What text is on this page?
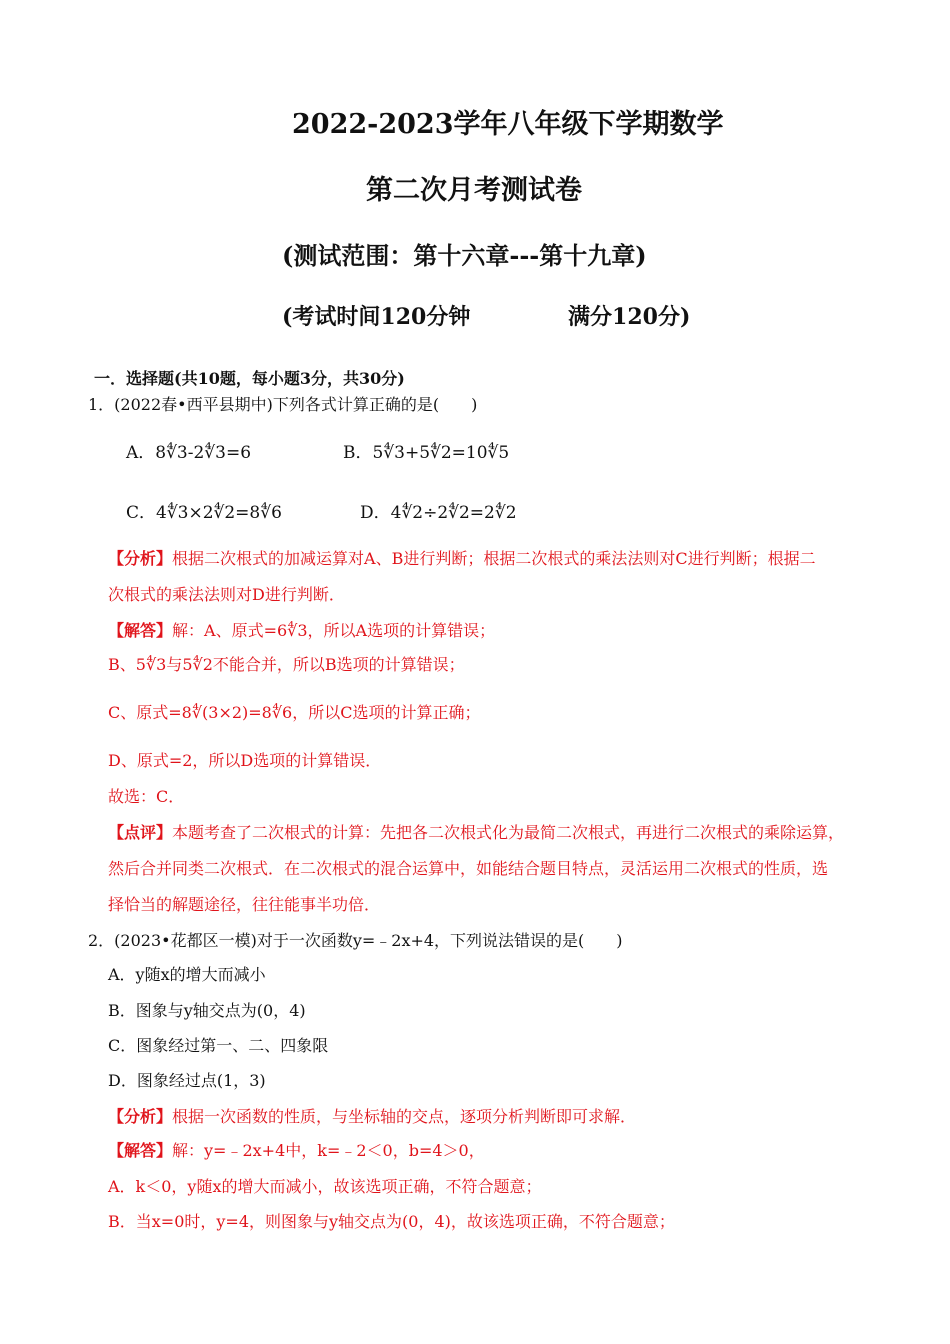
2022-2023学年八年级下学期数学
第二次月考测试卷
(测试范围：第十六章---第十九章)
(考试时间120分钟	满分120分)
一．选择题(共10题，每小题3分，共30分)
1．(2022春•西平县期中)下列各式计算正确的是(　　)
A．8∜3-2∜3=6	B．5∜3+5∜2=10∜5
C．4∜3×2∜2=8∜6	D．4∜2÷2∜2=2∜2
【分析】根据二次根式的加减运算对A、B进行判断；根据二次根式的乘法法则对C进行判断；根据二
次根式的乘法法则对D进行判断．
【解答】解：A、原式=6∜3，所以A选项的计算错误；
B、5∜3与5∜2不能合并，所以B选项的计算错误；
C、原式=8∜(3×2)=8∜6，所以C选项的计算正确；
D、原式=2，所以D选项的计算错误．
故选：C．
【点评】本题考查了二次根式的计算：先把各二次根式化为最简二次根式，再进行二次根式的乘除运算，
然后合并同类二次根式．在二次根式的混合运算中，如能结合题目特点，灵活运用二次根式的性质，选
择恰当的解题途径，往往能事半功倍．
2．(2023•花都区一模)对于一次函数y=﹣2x+4，下列说法错误的是(　　)
A．y随x的增大而减小
B．图象与y轴交点为(0，4)
C．图象经过第一、二、四象限
D．图象经过点(1，3)
【分析】根据一次函数的性质，与坐标轴的交点，逐项分析判断即可求解．
【解答】解：y=﹣2x+4中，k=﹣2＜0，b=4＞0，
A．k＜0，y随x的增大而减小，故该选项正确，不符合题意；
B．当x=0时，y=4，则图象与y轴交点为(0，4)，故该选项正确，不符合题意；
